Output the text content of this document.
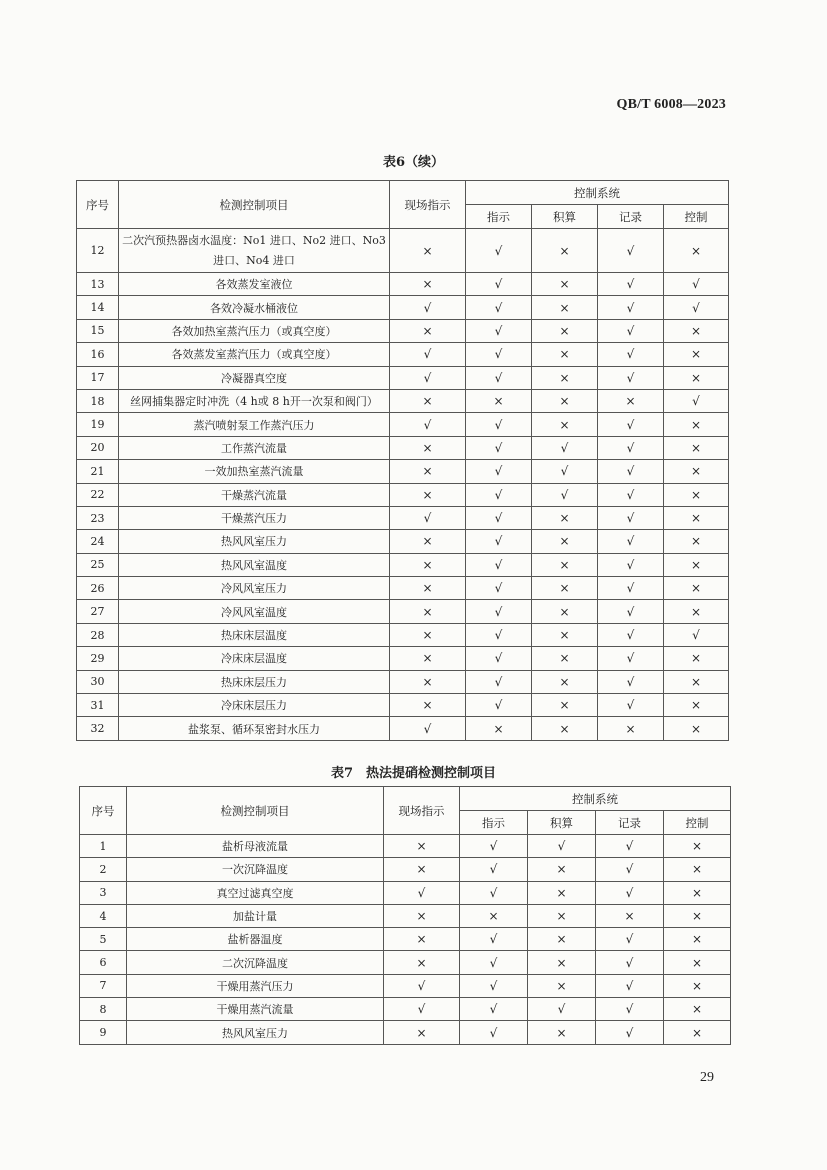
QB/T 6008—2023
表6（续）
序号	检测控制项目	现场指示	控制系统			
			指示	积算	记录	控制
12	二次汽预热器卤水温度：No1 进口、No2 进口、No3 进口、No4 进口	×	√	×	√	×
13	各效蒸发室液位	×	√	×	√	√
14	各效冷凝水桶液位	√	√	×	√	√
15	各效加热室蒸汽压力（或真空度）	×	√	×	√	×
16	各效蒸发室蒸汽压力（或真空度）	√	√	×	√	×
17	冷凝器真空度	√	√	×	√	×
18	丝网捕集器定时冲洗（4 h或 8 h开一次泵和阀门）	×	×	×	×	√
19	蒸汽喷射泵工作蒸汽压力	√	√	×	√	×
20	工作蒸汽流量	×	√	√	√	×
21	一效加热室蒸汽流量	×	√	√	√	×
22	干燥蒸汽流量	×	√	√	√	×
23	干燥蒸汽压力	√	√	×	√	×
24	热风风室压力	×	√	×	√	×
25	热风风室温度	×	√	×	√	×
26	冷风风室压力	×	√	×	√	×
27	冷风风室温度	×	√	×	√	×
28	热床床层温度	×	√	×	√	√
29	冷床床层温度	×	√	×	√	×
30	热床床层压力	×	√	×	√	×
31	冷床床层压力	×	√	×	√	×
32	盐浆泵、循环泵密封水压力	√	×	×	×	×
表7　热法提硝检测控制项目
序号	检测控制项目	现场指示	控制系统			
			指示	积算	记录	控制
1	盐析母液流量	×	√	√	√	×
2	一次沉降温度	×	√	×	√	×
3	真空过滤真空度	√	√	×	√	×
4	加盐计量	×	×	×	×	×
5	盐析器温度	×	√	×	√	×
6	二次沉降温度	×	√	×	√	×
7	干燥用蒸汽压力	√	√	×	√	×
8	干燥用蒸汽流量	√	√	√	√	×
9	热风风室压力	×	√	×	√	×
29
